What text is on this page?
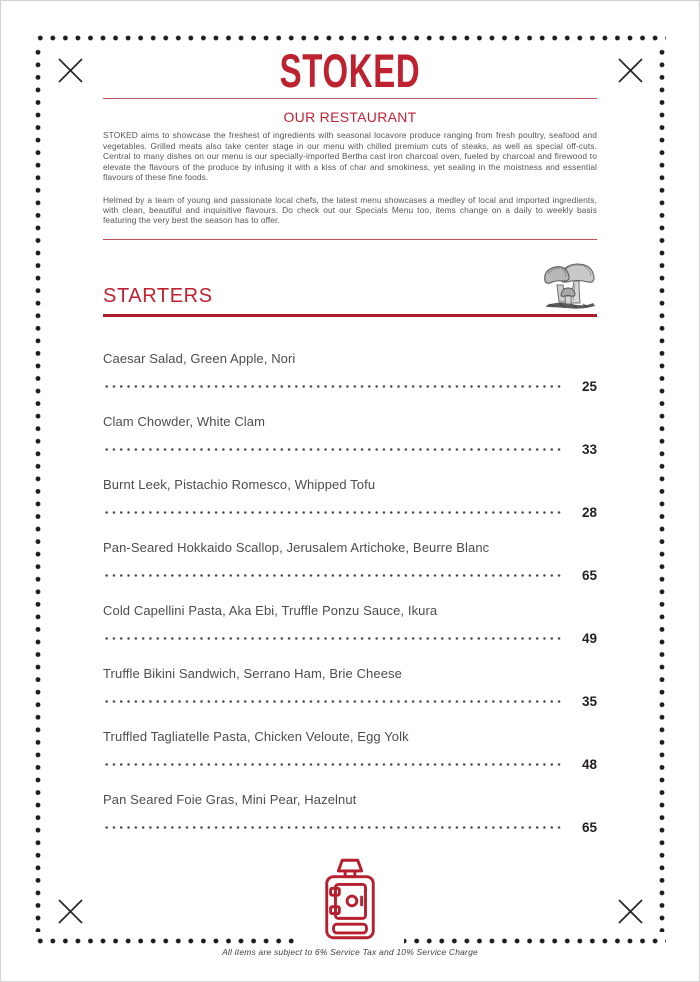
STOKED
OUR RESTAURANT

STOKED aims to showcase the freshest of ingredients with seasonal locavore produce ranging from fresh poultry, seafood and vegetables. Grilled meats also take center stage in our menu with chilled premium cuts of steaks, as well as special off-cuts. Central to many dishes on our menu is our specially-imported Bertha cast iron charcoal oven, fueled by charcoal and firewood to elevate the flavours of the produce by infusing it with a kiss of char and smokiness, yet sealing in the moistness and essential flavours of these fine foods.

Helmed by a team of young and passionate local chefs, the latest menu showcases a medley of local and imported ingredients, with clean, beautiful and inquisitive flavours. Do check out our Specials Menu too, items change on a daily to weekly basis featuring the very best the season has to offer.

STARTERS
Caesar Salad, Green Apple, Nori
25
Clam Chowder, White Clam
33
Burnt Leek, Pistachio Romesco, Whipped Tofu
28
Pan-Seared Hokkaido Scallop, Jerusalem Artichoke, Beurre Blanc
65
Cold Capellini Pasta, Aka Ebi, Truffle Ponzu Sauce, Ikura
49
Truffle Bikini Sandwich, Serrano Ham, Brie Cheese
35
Truffled Tagliatelle Pasta, Chicken Veloute, Egg Yolk
48
Pan Seared Foie Gras, Mini Pear, Hazelnut
65
All items are subject to 6% Service Tax and 10% Service Charge
